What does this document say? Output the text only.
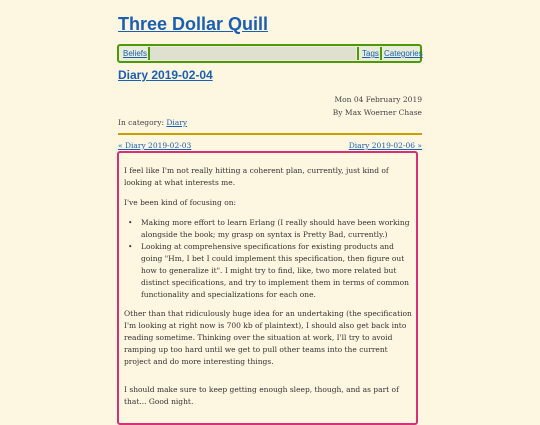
Three Dollar Quill
Beliefs	Tags Categories
Diary 2019-02-04
Mon 04 February 2019
By Max Woerner Chase
In category: Diary
« Diary 2019-02-03	Diary 2019-02-06 »

I feel like I'm not really hitting a coherent plan, currently, just kind of looking at what interests me.

I've been kind of focusing on:

• Making more effort to learn Erlang (I really should have been working alongside the book; my grasp on syntax is Pretty Bad, currently.)
• Looking at comprehensive specifications for existing products and going "Hm, I bet I could implement this specification, then figure out how to generalize it". I might try to find, like, two more related but distinct specifications, and try to implement them in terms of common functionality and specializations for each one.

Other than that ridiculously huge idea for an undertaking (the specification I'm looking at right now is 700 kb of plaintext), I should also get back into reading sometime. Thinking over the situation at work, I'll try to avoid ramping up too hard until we get to pull other teams into the current project and do more interesting things.

I should make sure to keep getting enough sleep, though, and as part of that... Good night.
